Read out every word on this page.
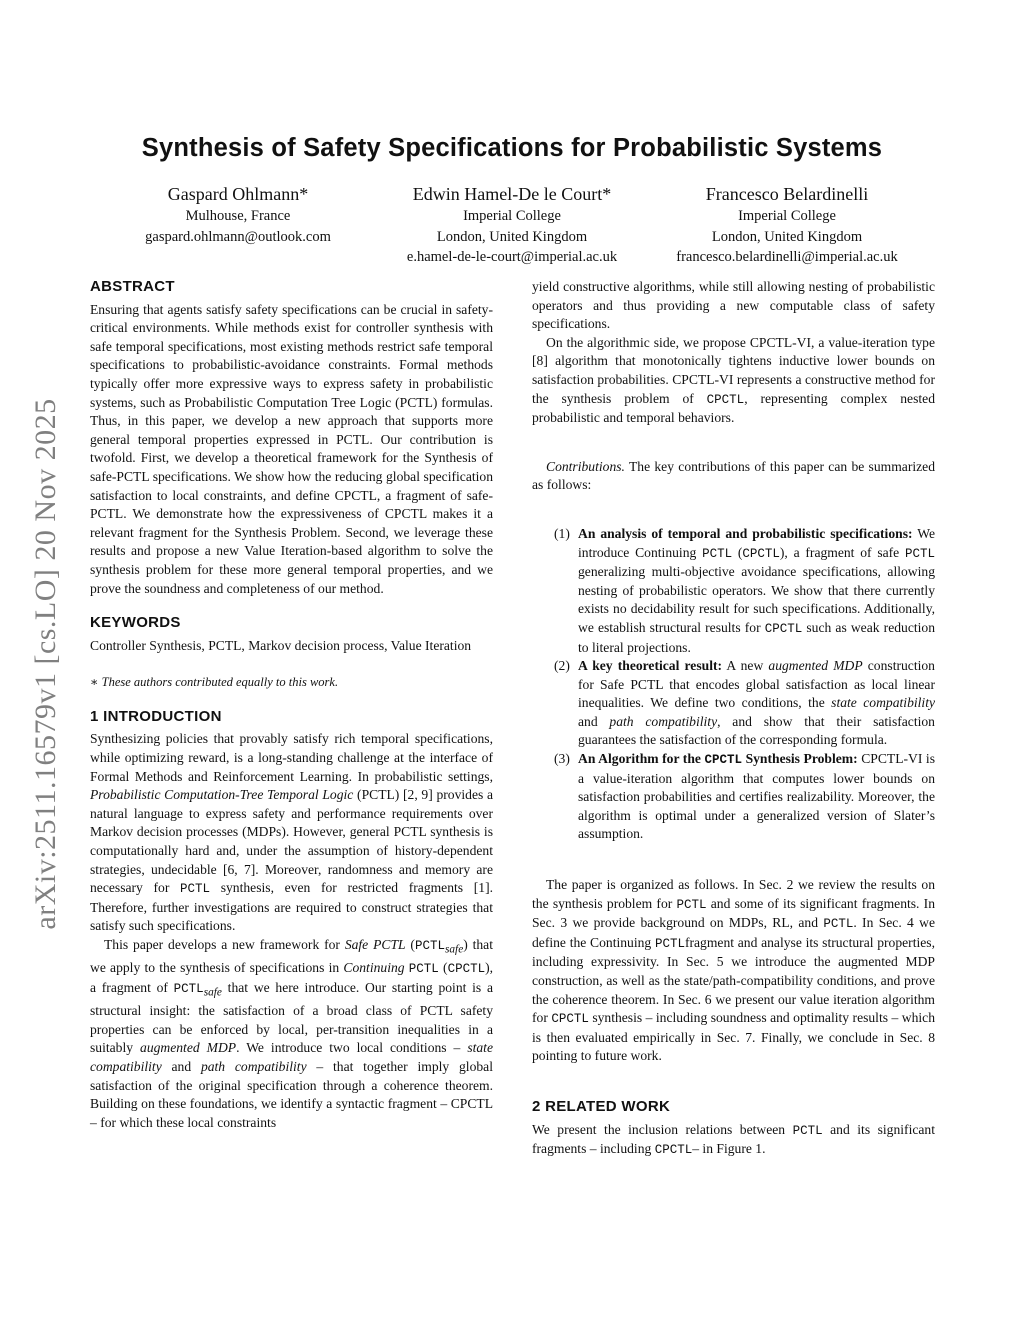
arXiv:2511.16579v1 [cs.LO] 20 Nov 2025
Synthesis of Safety Specifications for Probabilistic Systems
Gaspard Ohlmann*
Mulhouse, France
gaspard.ohlmann@outlook.com
Edwin Hamel-De le Court*
Imperial College
London, United Kingdom
e.hamel-de-le-court@imperial.ac.uk
Francesco Belardinelli
Imperial College
London, United Kingdom
francesco.belardinelli@imperial.ac.uk
ABSTRACT

Ensuring that agents satisfy safety specifications can be crucial in safety-critical environments. While methods exist for controller synthesis with safe temporal specifications, most existing methods restrict safe temporal specifications to probabilistic-avoidance constraints. Formal methods typically offer more expressive ways to express safety in probabilistic systems, such as Probabilistic Computation Tree Logic (PCTL) formulas. Thus, in this paper, we develop a new approach that supports more general temporal properties expressed in PCTL. Our contribution is twofold. First, we develop a theoretical framework for the Synthesis of safe-PCTL specifications. We show how the reducing global specification satisfaction to local constraints, and define CPCTL, a fragment of safe-PCTL. We demonstrate how the expressiveness of CPCTL makes it a relevant fragment for the Synthesis Problem. Second, we leverage these results and propose a new Value Iteration-based algorithm to solve the synthesis problem for these more general temporal properties, and we prove the soundness and completeness of our method.

KEYWORDS

Controller Synthesis, PCTL, Markov decision process, Value Iteration

∗ These authors contributed equally to this work.

1 INTRODUCTION

Synthesizing policies that provably satisfy rich temporal specifications, while optimizing reward, is a long-standing challenge at the interface of Formal Methods and Reinforcement Learning. In probabilistic settings, Probabilistic Computation-Tree Temporal Logic (PCTL) [2, 9] provides a natural language to express safety and performance requirements over Markov decision processes (MDPs). However, general PCTL synthesis is computationally hard and, under the assumption of history-dependent strategies, undecidable [6, 7]. Moreover, randomness and memory are necessary for PCTL synthesis, even for restricted fragments [1]. Therefore, further investigations are required to construct strategies that satisfy such specifications.

This paper develops a new framework for Safe PCTL $(PCTL_{safe})$ that we apply to the synthesis of specifications in Continuing PCTL (CPCTL), a fragment of $PCTL_{safe}$ that we here introduce. Our starting point is a structural insight: the satisfaction of a broad class of PCTL safety properties can be enforced by local, per-transition inequalities in a suitably augmented MDP. We introduce two local conditions – state compatibility and path compatibility – that together imply global satisfaction of the original specification through a coherence theorem. Building on these foundations, we identify a syntactic fragment – CPCTL – for which these local constraints

yield constructive algorithms, while still allowing nesting of probabilistic operators and thus providing a new computable class of safety specifications.

On the algorithmic side, we propose CPCTL-VI, a value-iteration type [8] algorithm that monotonically tightens inductive lower bounds on satisfaction probabilities. CPCTL-VI represents a constructive method for the synthesis problem of CPCTL, representing complex nested probabilistic and temporal behaviors.

Contributions. The key contributions of this paper can be summarized as follows:

(1) An analysis of temporal and probabilistic specifications: We introduce Continuing PCTL (CPCTL), a fragment of safe PCTL generalizing multi-objective avoidance specifications, allowing nesting of probabilistic operators. We show that there currently exists no decidability result for such specifications. Additionally, we establish structural results for CPCTL such as weak reduction to literal projections.
(2) A key theoretical result: A new augmented MDP construction for Safe PCTL that encodes global satisfaction as local linear inequalities. We define two conditions, the state compatibility and path compatibility, and show that their satisfaction guarantees the satisfaction of the corresponding formula.
(3) An Algorithm for the CPCTL Synthesis Problem: CPCTL-VI is a value-iteration algorithm that computes lower bounds on satisfaction probabilities and certifies realizability. Moreover, the algorithm is optimal under a generalized version of Slater’s assumption.

The paper is organized as follows. In Sec. 2 we review the results on the synthesis problem for PCTL and some of its significant fragments. In Sec. 3 we provide background on MDPs, RL, and PCTL. In Sec. 4 we define the Continuing PCTLfragment and analyse its structural properties, including expressivity. In Sec. 5 we introduce the augmented MDP construction, as well as the state/path-compatibility conditions, and prove the coherence theorem. In Sec. 6 we present our value iteration algorithm for CPCTL synthesis – including soundness and optimality results – which is then evaluated empirically in Sec. 7. Finally, we conclude in Sec. 8 pointing to future work.

2 RELATED WORK

We present the inclusion relations between PCTL and its significant fragments – including CPCTL– in Figure 1.
